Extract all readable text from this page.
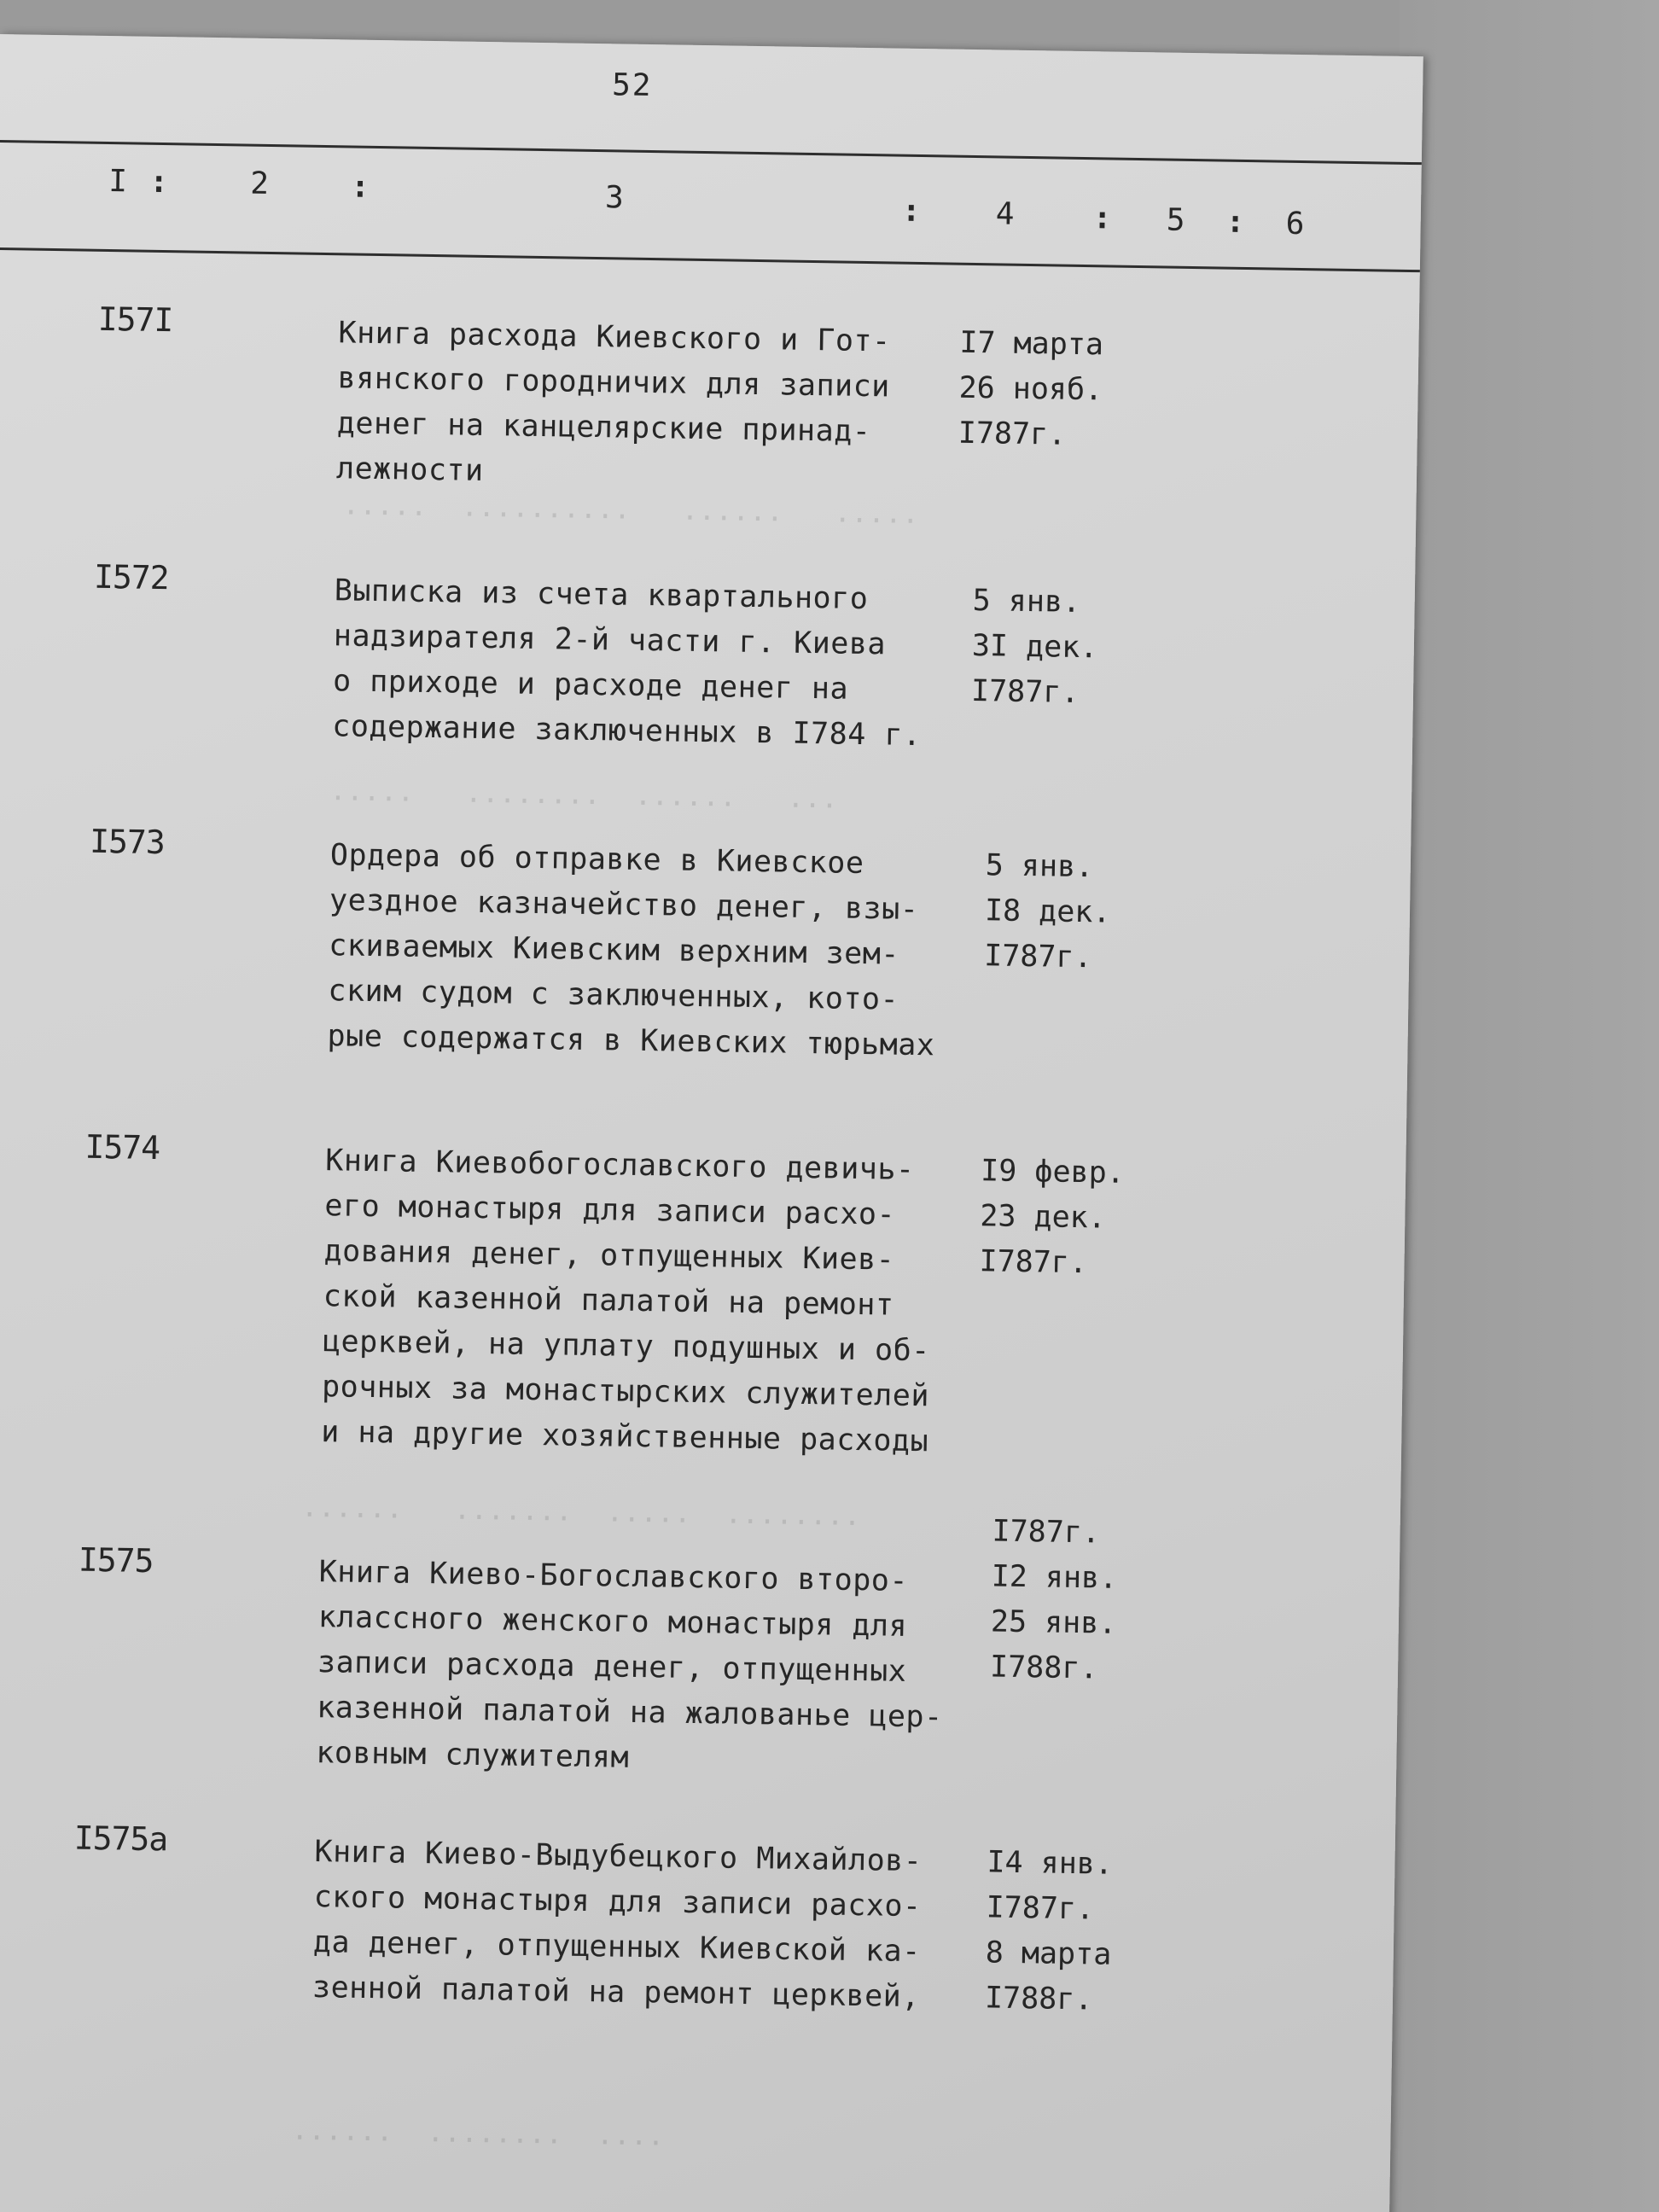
52
I :	2	:	3	: 4	: 5 : 6
.....  ..........   ......   .....
.....   ........  ......   ...
......   .......  .....  ........
......  ........  ....
I57I	Книга расхода Киевского и Гот-
вянского городничих для записи
денег на канцелярские принад-
лежности
I7 марта
26 нояб.
I787г.
I572	Выписка из счета квартального
надзирателя 2-й части г. Киева
о приходе и расходе денег на
содержание заключенных в I784 г.
5 янв.
3I дек.
I787г.
I573	Ордера об отправке в Киевское
уездное казначейство денег, взы-
скиваемых Киевским верхним зем-
ским судом с заключенных, кото-
рые содержатся в Киевских тюрьмах
5 янв.
I8 дек.
I787г.
I574	Книга Киевобогославского девичь-
его монастыря для записи расхо-
дования денег, отпущенных Киев-
ской казенной палатой на ремонт
церквей, на уплату подушных и об-
рочных за монастырских служителей
и на другие хозяйственные расходы
I9 февр.
23 дек.
I787г.
I575	Книга Киево-Богославского второ-
классного женского монастыря для
записи расхода денег, отпущенных
казенной палатой на жалованье цер-
ковным служителям
I787г.
I2 янв.
25 янв.
I788г.
I575а	Книга Киево-Выдубецкого Михайлов-
ского монастыря для записи расхо-
да денег, отпущенных Киевской ка-
зенной палатой на ремонт церквей,
I4 янв.
I787г.
8 марта
I788г.
